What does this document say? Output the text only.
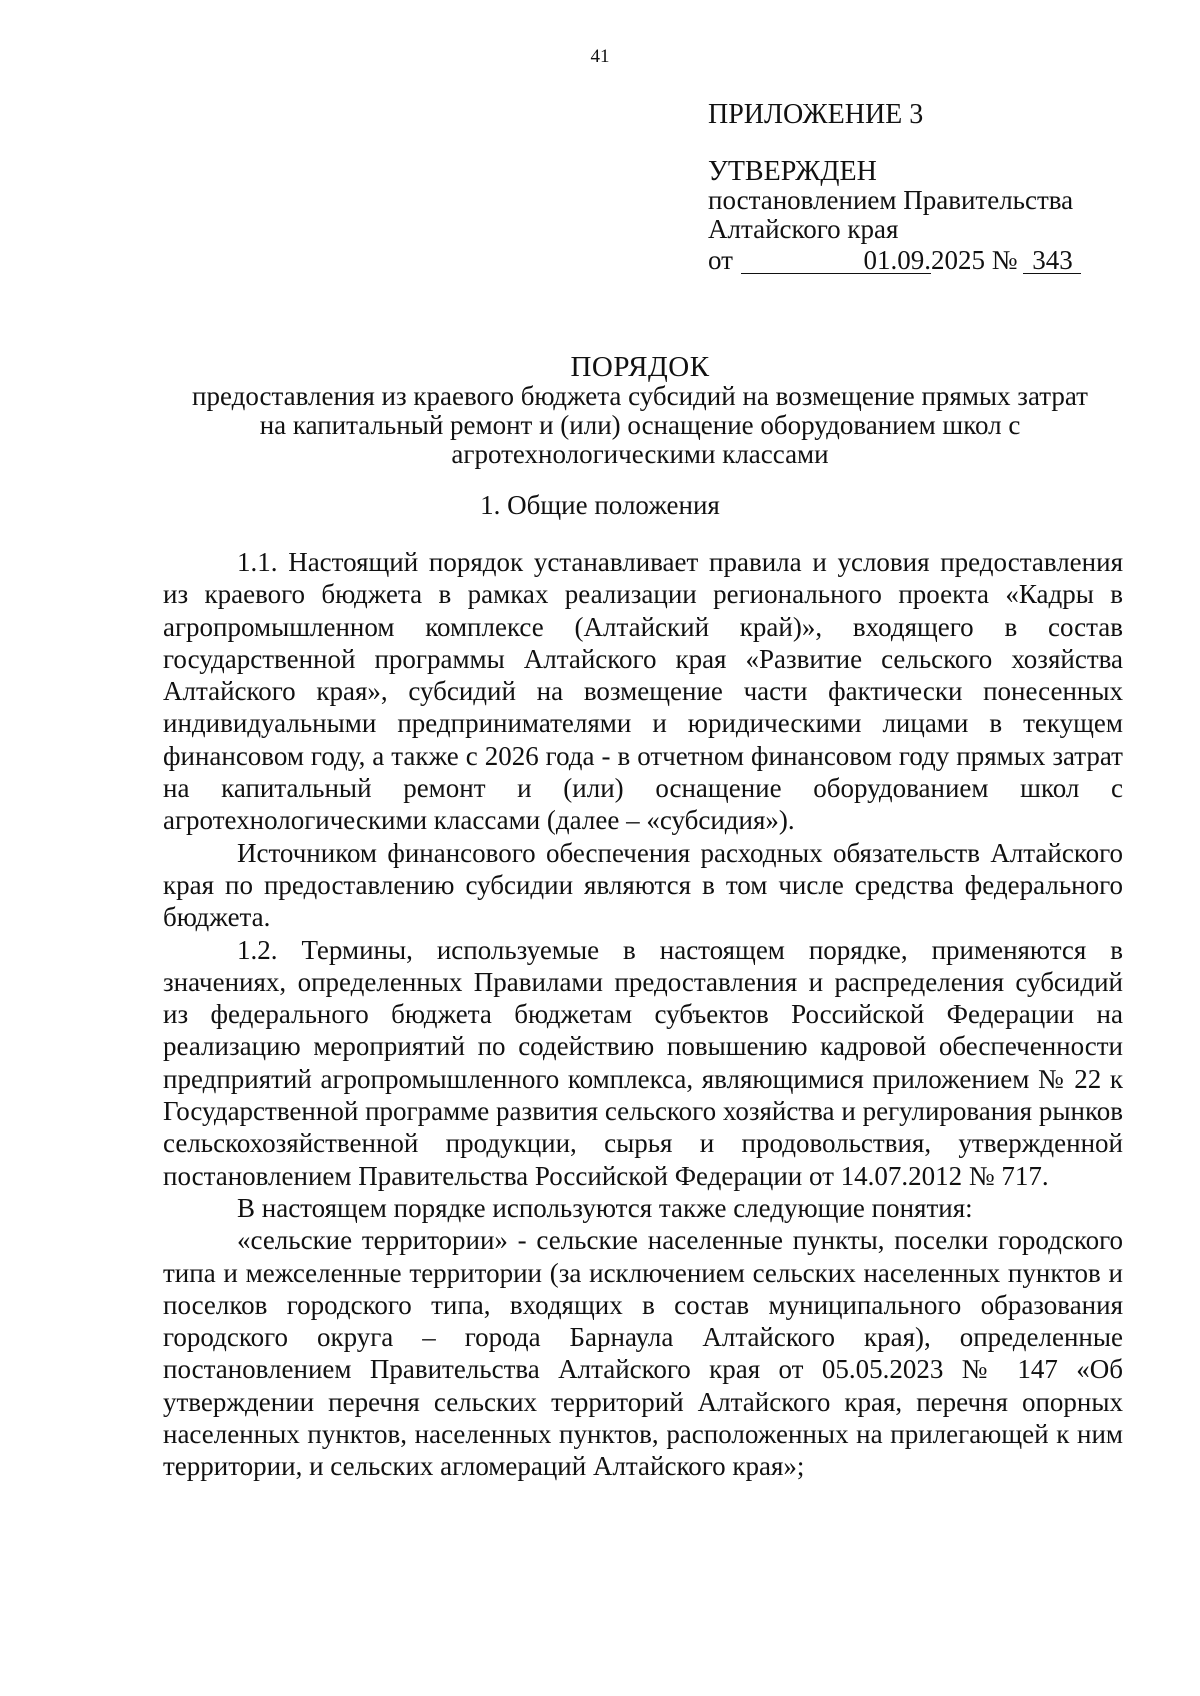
41
ПРИЛОЖЕНИЕ 3
УТВЕРЖДЕН
постановлением Правительства
Алтайского края
от	01.09.2025 № 343
ПОРЯДОК
предоставления из краевого бюджета субсидий на возмещение прямых затрат
на капитальный ремонт и (или) оснащение оборудованием школ с
агротехнологическими классами
1. Общие положения

1.1. Настоящий порядок устанавливает правила и условия предоставления из краевого бюджета в рамках реализации регионального проекта «Кадры в агропромышленном комплексе (Алтайский край)», входящего в состав государственной программы Алтайского края «Развитие сельского хозяйства Алтайского края», субсидий на возмещение части фактически понесенных индивидуальными предпринимателями и юридическими лицами в текущем финансовом году, а также с 2026 года - в отчетном финансовом году прямых затрат на капитальный ремонт и (или) оснащение оборудованием школ с агротехнологическими классами (далее – «субсидия»).

Источником финансового обеспечения расходных обязательств Алтайского края по предоставлению субсидии являются в том числе средства федерального бюджета.

1.2. Термины, используемые в настоящем порядке, применяются в значениях, определенных Правилами предоставления и распределения субсидий из федерального бюджета бюджетам субъектов Российской Федерации на реализацию мероприятий по содействию повышению кадровой обеспеченности предприятий агропромышленного комплекса, являющимися приложением № 22 к Государственной программе развития сельского хозяйства и регулирования рынков сельскохозяйственной продукции, сырья и продовольствия, утвержденной постановлением Правительства Российской Федерации от 14.07.2012 № 717.

В настоящем порядке используются также следующие понятия:

«сельские территории» - сельские населенные пункты, поселки городского типа и межселенные территории (за исключением сельских населенных пунктов и поселков городского типа, входящих в состав муниципального образования городского округа – города Барнаула Алтайского края), определенные постановлением Правительства Алтайского края от 05.05.2023 № 147 «Об утверждении перечня сельских территорий Алтайского края, перечня опорных населенных пунктов, населенных пунктов, расположенных на прилегающей к ним территории, и сельских агломераций Алтайского края»;
